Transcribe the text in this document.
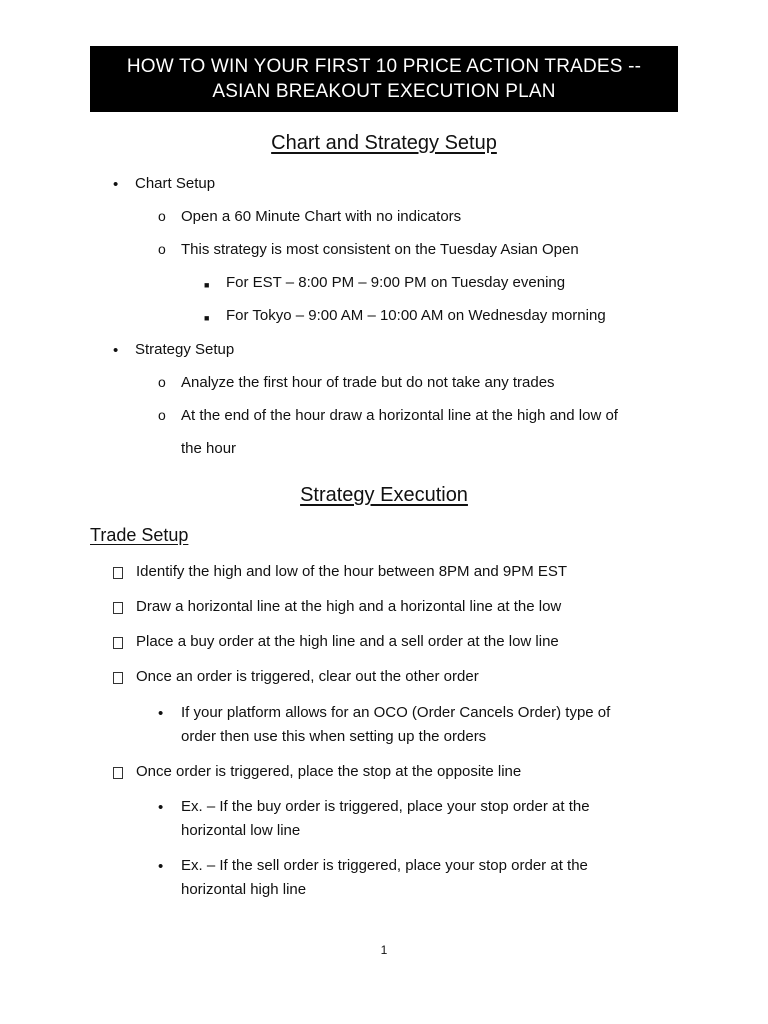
HOW TO WIN YOUR FIRST 10 PRICE ACTION TRADES --
ASIAN BREAKOUT EXECUTION PLAN
Chart and Strategy Setup
• Chart Setup
o Open a 60 Minute Chart with no indicators
o This strategy is most consistent on the Tuesday Asian Open
■ For EST – 8:00 PM – 9:00 PM on Tuesday evening
■ For Tokyo – 9:00 AM – 10:00 AM on Wednesday morning
• Strategy Setup
o Analyze the first hour of trade but do not take any trades
o At the end of the hour draw a horizontal line at the high and low of
the hour
Strategy Execution
Trade Setup
Identify the high and low of the hour between 8PM and 9PM EST
Draw a horizontal line at the high and a horizontal line at the low
Place a buy order at the high line and a sell order at the low line
Once an order is triggered, clear out the other order
• If your platform allows for an OCO (Order Cancels Order) type of
order then use this when setting up the orders
Once order is triggered, place the stop at the opposite line
• Ex. – If the buy order is triggered, place your stop order at the
horizontal low line
• Ex. – If the sell order is triggered, place your stop order at the
horizontal high line
1
